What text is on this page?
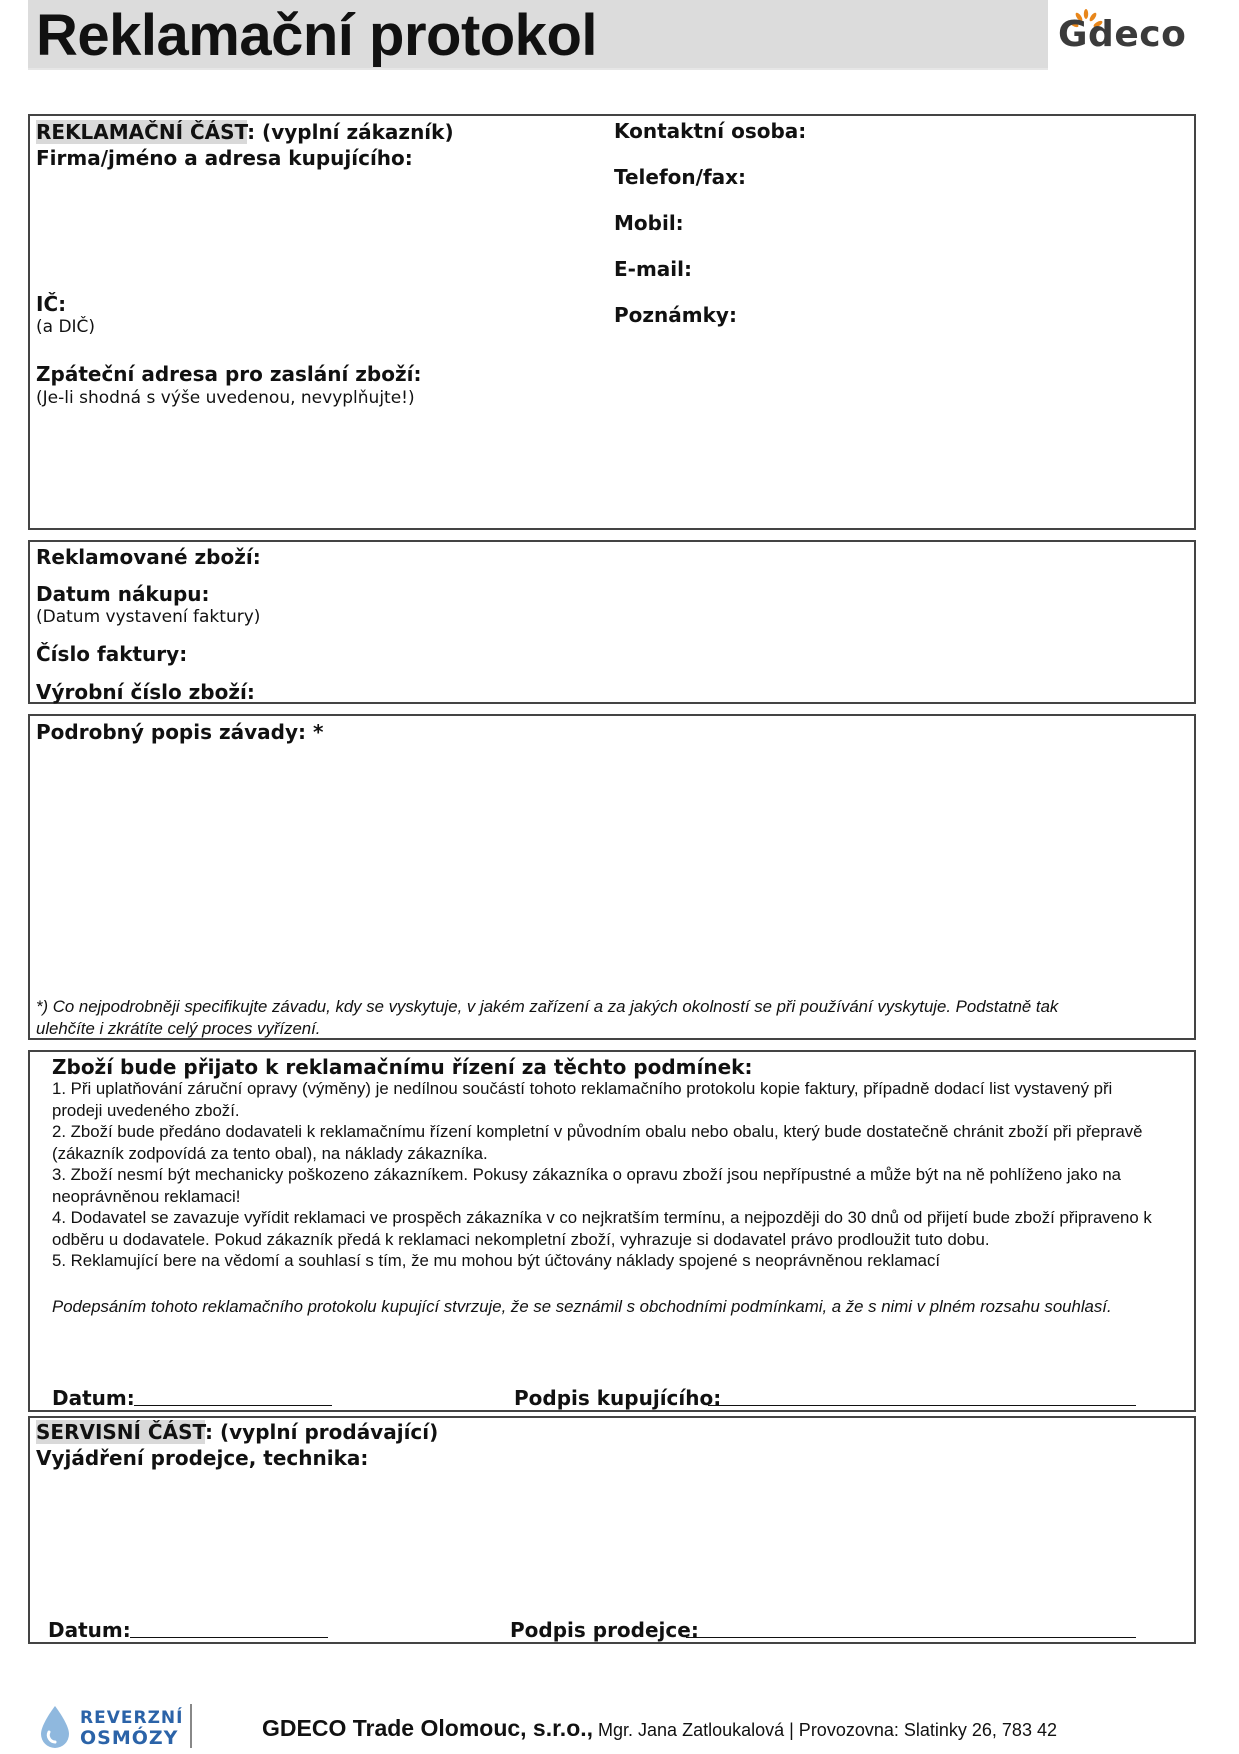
Reklamační protokol	Gdeco
REKLAMAČNÍ ČÁST: (vyplní zákazník)
Firma/jméno a adresa kupujícího:
IČ:
(a DIČ)
Zpáteční adresa pro zaslání zboží:
(Je-li shodná s výše uvedenou, nevyplňujte!)
Kontaktní osoba:
Telefon/fax:
Mobil:
E-mail:
Poznámky:
Reklamované zboží:
Datum nákupu:
(Datum vystavení faktury)
Číslo faktury:
Výrobní číslo zboží:
Podrobný popis závady: *
*) Co nejpodrobněji specifikujte závadu, kdy se vyskytuje, v jakém zařízení a za jakých okolností se při používání vyskytuje. Podstatně tak
ulehčíte i zkrátíte celý proces vyřízení.
Zboží bude přijato k reklamačnímu řízení za těchto podmínek:

1. Při uplatňování záruční opravy (výměny) je nedílnou součástí tohoto reklamačního protokolu kopie faktury, případně dodací list vystavený při prodeji uvedeného zboží.

2. Zboží bude předáno dodavateli k reklamačnímu řízení kompletní v původním obalu nebo obalu, který bude dostatečně chránit zboží při přepravě (zákazník zodpovídá za tento obal), na náklady zákazníka.

3. Zboží nesmí být mechanicky poškozeno zákazníkem. Pokusy zákazníka o opravu zboží jsou nepřípustné a může být na ně pohlíženo jako na neoprávněnou reklamaci!

4. Dodavatel se zavazuje vyřídit reklamaci ve prospěch zákazníka v co nejkratším termínu, a nejpozději do 30 dnů od přijetí bude zboží připraveno k odběru u dodavatele. Pokud zákazník předá k reklamaci nekompletní zboží, vyhrazuje si dodavatel právo prodloužit tuto dobu.

5. Reklamující bere na vědomí a souhlasí s tím, že mu mohou být účtovány náklady spojené s neoprávněnou reklamací

Podepsáním tohoto reklamačního protokolu kupující stvrzuje, že se seznámil s obchodními podmínkami, a že s nimi v plném rozsahu souhlasí.
Datum:	Podpis kupujícího:
SERVISNÍ ČÁST: (vyplní prodávající)
Vyjádření prodejce, technika:
Datum:	Podpis prodejce:
REVERZNÍ
OSMÓZY	GDECO Trade Olomouc, s.r.o., Mgr. Jana Zatloukalová | Provozovna: Slatinky 26, 783 42
